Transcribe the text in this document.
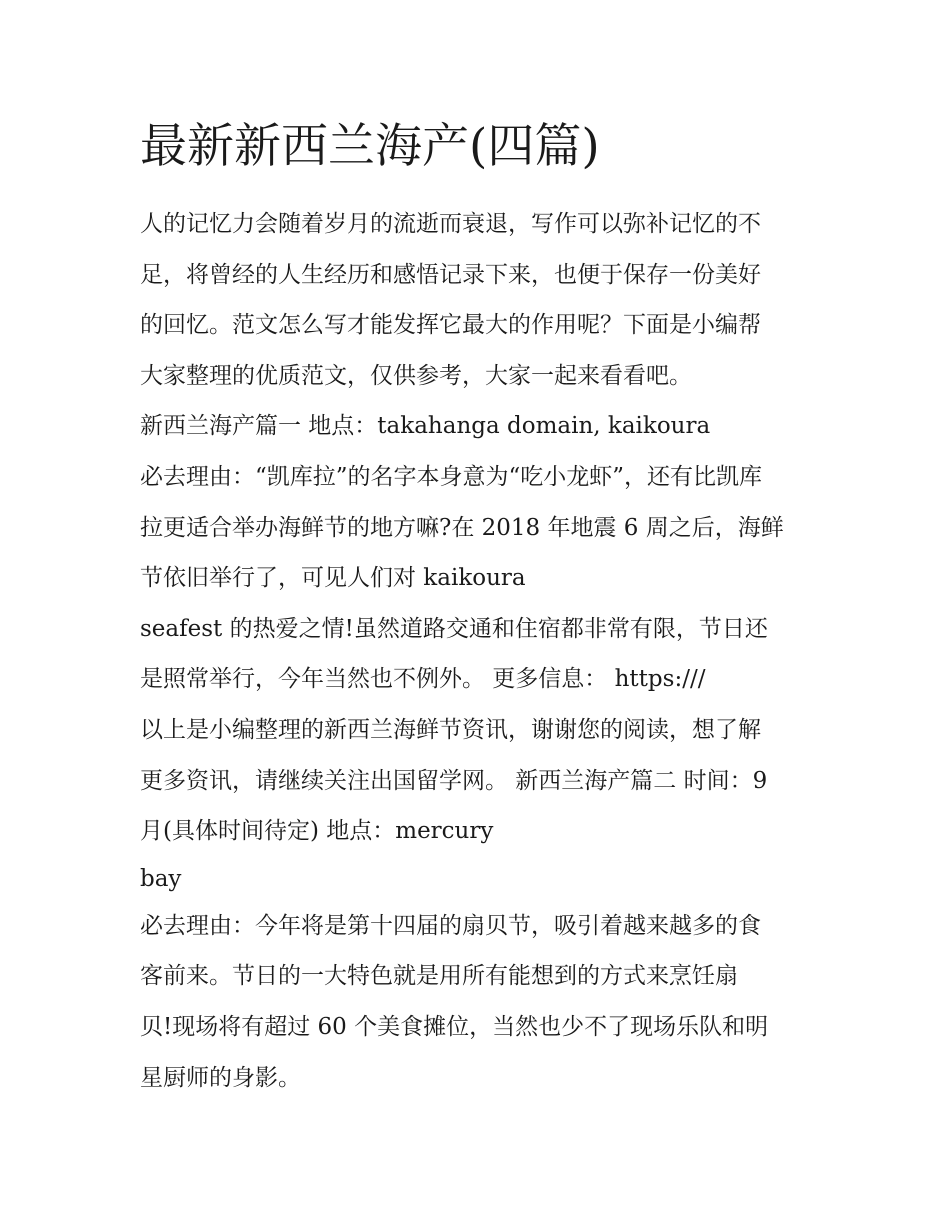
最新新西兰海产(四篇)

人的记忆力会随着岁月的流逝而衰退，写作可以弥补记忆的不

足，将曾经的人生经历和感悟记录下来，也便于保存一份美好

的回忆。范文怎么写才能发挥它最大的作用呢？下面是小编帮

大家整理的优质范文，仅供参考，大家一起来看看吧。

新西兰海产篇一 地点：takahanga domain, kaikoura

必去理由：“凯库拉”的名字本身意为“吃小龙虾”，还有比凯库

拉更适合举办海鲜节的地方嘛?在 2018 年地震 6 周之后，海鲜

节依旧举行了，可见人们对 kaikoura

seafest 的热爱之情!虽然道路交通和住宿都非常有限，节日还

是照常举行，今年当然也不例外。 更多信息： https:///

以上是小编整理的新西兰海鲜节资讯，谢谢您的阅读，想了解

更多资讯，请继续关注出国留学网。 新西兰海产篇二 时间：9

月(具体时间待定) 地点：mercury

bay

必去理由：今年将是第十四届的扇贝节，吸引着越来越多的食

客前来。节日的一大特色就是用所有能想到的方式来烹饪扇

贝!现场将有超过 60 个美食摊位，当然也少不了现场乐队和明

星厨师的身影。
